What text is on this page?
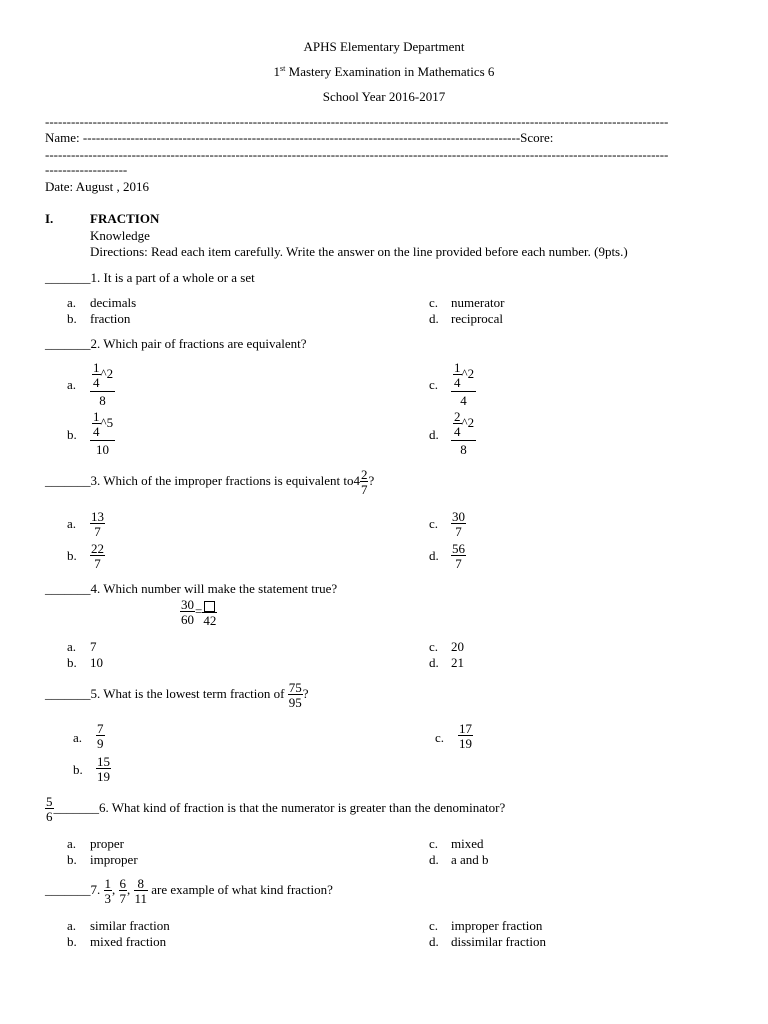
APHS Elementary Department
1st Mastery Examination in Mathematics 6
School Year 2016-2017
------------------------------------------------------------------------------------------------------------------------------------------------
Name: -----------------------------------------------------------------------------------------------------Score:
------------------------------------------------------------------------------------------------------------------------------------------------
-------------------
Date: August , 2016
I.	FRACTION
Knowledge
Directions: Read each item carefully. Write the answer on the line provided before each number. (9pts.)
_______1. It is a part of a whole or a set
a. decimals
b. fraction
c. numerator
d. reciprocal
_______2. Which pair of fractions are equivalent?
a. $\frac{\frac{1}{4} \^{}2}{8}$
b. $\frac{\frac{1}{4} \^{}5}{10}$
c. $\frac{\frac{1}{4} \^{}2}{4}$
d. $\frac{\frac{2}{4} \^{}2}{8}$
_______3. Which of the improper fractions is equivalent $to4 \frac{2}{7}$ ?
a. $\frac{13}{7}$
b. $\frac{22}{7}$
c. $\frac{30}{7}$
d. $\frac{56}{7}$
_______4. Which number will make the statement true?
$\frac{30}{60}$ =
42
a. 7
b. 10
c. 20
d. 21
_______5. What is the lowest term fraction of $\frac{75}{95}$ ?
a. $\frac{7}{9}$
b. $\frac{15}{19}$
c. $\frac{17}{19}$
$\frac{5}{6}$ _______6. What kind of fraction is that the numerator is greater than the denominator?
a. proper
b. improper
c. mixed
d. a and b
_______7. $\frac{1}{3}$ , $\frac{6}{7}$ , $\frac{8}{11}$ are example of what kind fraction?
a. similar fraction
b. mixed fraction
c. improper fraction
d. dissimilar fraction
